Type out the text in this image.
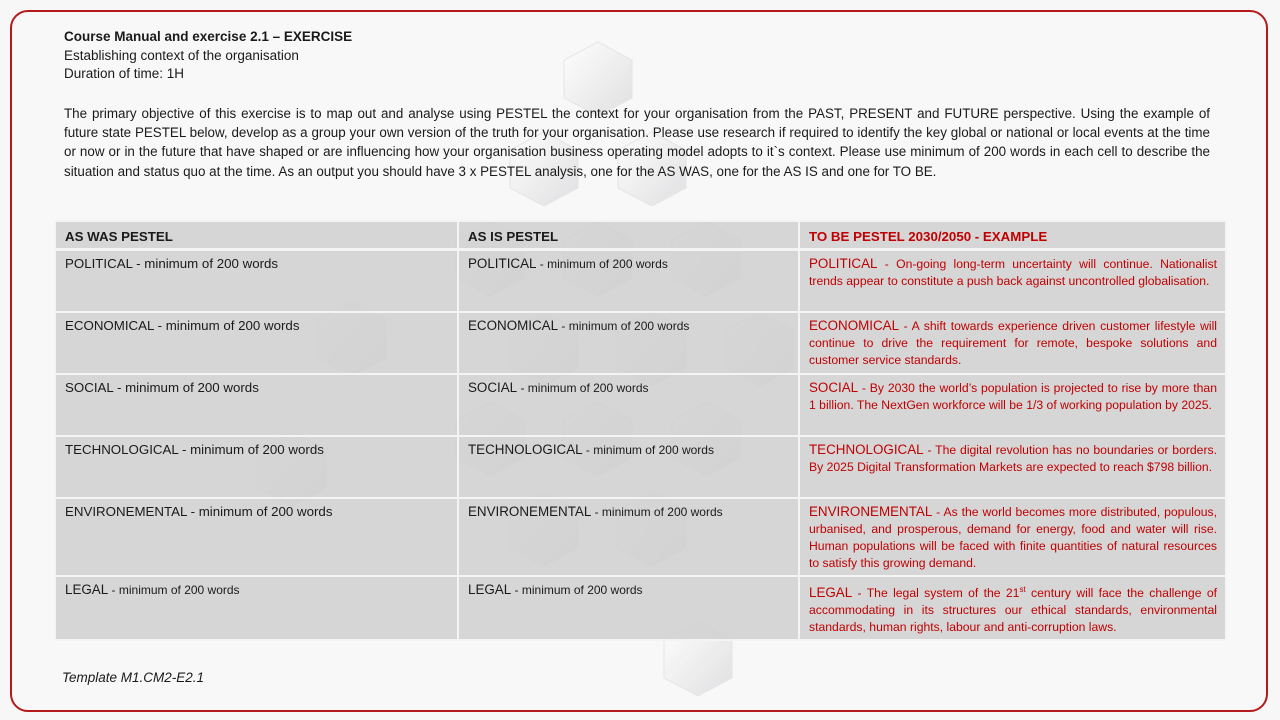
Course Manual and exercise 2.1 – EXERCISE
Establishing context of the organisation
Duration of time: 1H
The primary objective of this exercise is to map out and analyse using PESTEL the context for your organisation from the PAST, PRESENT and FUTURE perspective. Using the example of future state PESTEL below, develop as a group your own version of the truth for your organisation. Please use research if required to identify the key global or national or local events at the time or now or in the future that have shaped or are influencing how your organisation business operating model adopts to it`s context. Please use minimum of 200 words in each cell to describe the situation and status quo at the time. As an output you should have 3 x PESTEL analysis, one for the AS WAS, one for the AS IS and one for TO BE.
AS WAS PESTEL	AS IS PESTEL	TO BE PESTEL 2030/2050 - EXAMPLE
POLITICAL - minimum of 200 words	POLITICAL - minimum of 200 words	POLITICAL - On-going long-term uncertainty will continue. Nationalist trends appear to constitute a push back against uncontrolled globalisation.
ECONOMICAL - minimum of 200 words	ECONOMICAL - minimum of 200 words	ECONOMICAL - A shift towards experience driven customer lifestyle will continue to drive the requirement for remote, bespoke solutions and customer service standards.
SOCIAL - minimum of 200 words	SOCIAL - minimum of 200 words	SOCIAL - By 2030 the world’s population is projected to rise by more than 1 billion. The NextGen workforce will be 1/3 of working population by 2025.
TECHNOLOGICAL - minimum of 200 words	TECHNOLOGICAL - minimum of 200 words	TECHNOLOGICAL - The digital revolution has no boundaries or borders. By 2025 Digital Transformation Markets are expected to reach $798 billion.
ENVIRONEMENTAL - minimum of 200 words	ENVIRONEMENTAL - minimum of 200 words	ENVIRONEMENTAL - As the world becomes more distributed, populous, urbanised, and prosperous, demand for energy, food and water will rise. Human populations will be faced with finite quantities of natural resources to satisfy this growing demand.
LEGAL - minimum of 200 words	LEGAL - minimum of 200 words	LEGAL - The legal system of the 21st century will face the challenge of accommodating in its structures our ethical standards, environmental standards, human rights, labour and anti-corruption laws.
Template M1.CM2-E2.1
